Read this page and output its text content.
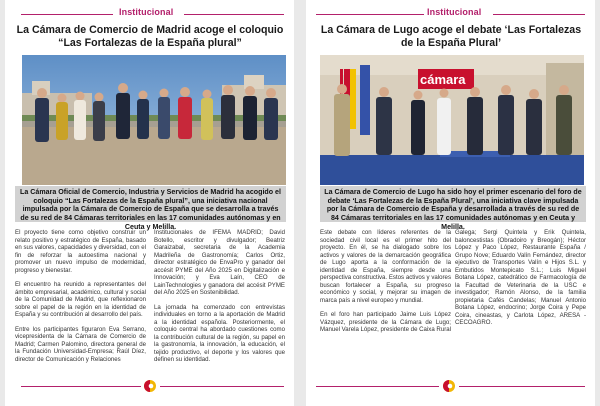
Institucional
La Cámara de Comercio de Madrid acoge el coloquio “Las Fortalezas de la España plural”
La Cámara Oficial de Comercio, Industria y Servicios de Madrid ha acogido el coloquio “Las Fortalezas de la España plural”, una iniciativa nacional impulsada por la Cámara de Comercio de España que se desarrolla a través de su red de 84 Cámaras territoriales en las 17 comunidades autónomas y en Ceuta y Melilla.

El proyecto tiene como objetivo construir un relato positivo y estratégico de España, basado en sus valores, capacidades y diversidad, con el fin de reforzar la autoestima nacional y promover un nuevo impulso de modernidad, progreso y bienestar.

El encuentro ha reunido a representantes del ámbito empresarial, académico, cultural y social de la Comunidad de Madrid, que reflexionaron sobre el papel de la región en la identidad de España y su contribución al desarrollo del país.

Entre los participantes figuraron Eva Serrano, vicepresidenta de la Cámara de Comercio de Madrid; Carmen Palomino, directora general de la Fundación Universidad-Empresa; Raúl Díez, director de Comunicación y Relaciones

Institucionales de IFEMA MADRID; David Botello, escritor y divulgador; Beatriz Garaizabal, secretaria de la Academia Madrileña de Gastronomía; Carlos Ortiz, director estratégico de EnvaPro y ganador del accésit PYME del Año 2025 en Digitalización e Innovación; y Eva Laín, CEO de LainTechnologies y ganadora del accésit PYME del Año 2025 en Sostenibilidad.

La jornada ha comenzado con entrevistas individuales en torno a la aportación de Madrid a la identidad española. Posteriormente, el coloquio central ha abordado cuestiones como la contribución cultural de la región, su papel en la gastronomía, la innovación, la educación, el tejido productivo, el deporte y los valores que definen su identidad.

Institucional
La Cámara de Lugo acoge el debate ‘Las Fortalezas de la España Plural’
cámara
La Cámara de Comercio de Lugo ha sido hoy el primer escenario del foro de debate ‘Las Fortalezas de la España Plural’, una iniciativa clave impulsada por la Cámara de Comercio de España y desarrollada a través de su red de 84 Cámaras territoriales en las 17 comunidades autónomas y en Ceuta y Melilla.

Este debate con líderes referentes de la sociedad civil local es el primer hito del proyecto. En él, se ha dialogado sobre los activos y valores de la demarcación geográfica de Lugo aporta a la conformación de la identidad de España, siempre desde una perspectiva constructiva. Estos activos y valores buscan fortalecer a España, su progreso económico y social, y mejorar su imagen de marca país a nivel europeo y mundial.

En el foro han participado Jaime Luis López Vázquez, presidente de la Cámara de Lugo; Manuel Varela López, presidente de Caixa Rural

Galega; Sergi Quintela y Erik Quintela, baloncestistas (Obradoiro y Breogán); Héctor López y Paco López, Restaurante España / Grupo Nove; Eduardo Valín Fernández, director ejecutivo de Transportes Valín e Hijos S.L. y Embutidos Montepicato S.L.; Luis Miguel Botana López, catedrático de Farmacología de la Facultad de Veterinaria de la USC e investigador; Ramón Alonso, de la familia propietaria Cafés Candelas; Manuel Antonio Botana López, endocrino; Jorge Coira y Pepe Coira, cineastas, y Carlota López, ARESA - CECOAGRO.
